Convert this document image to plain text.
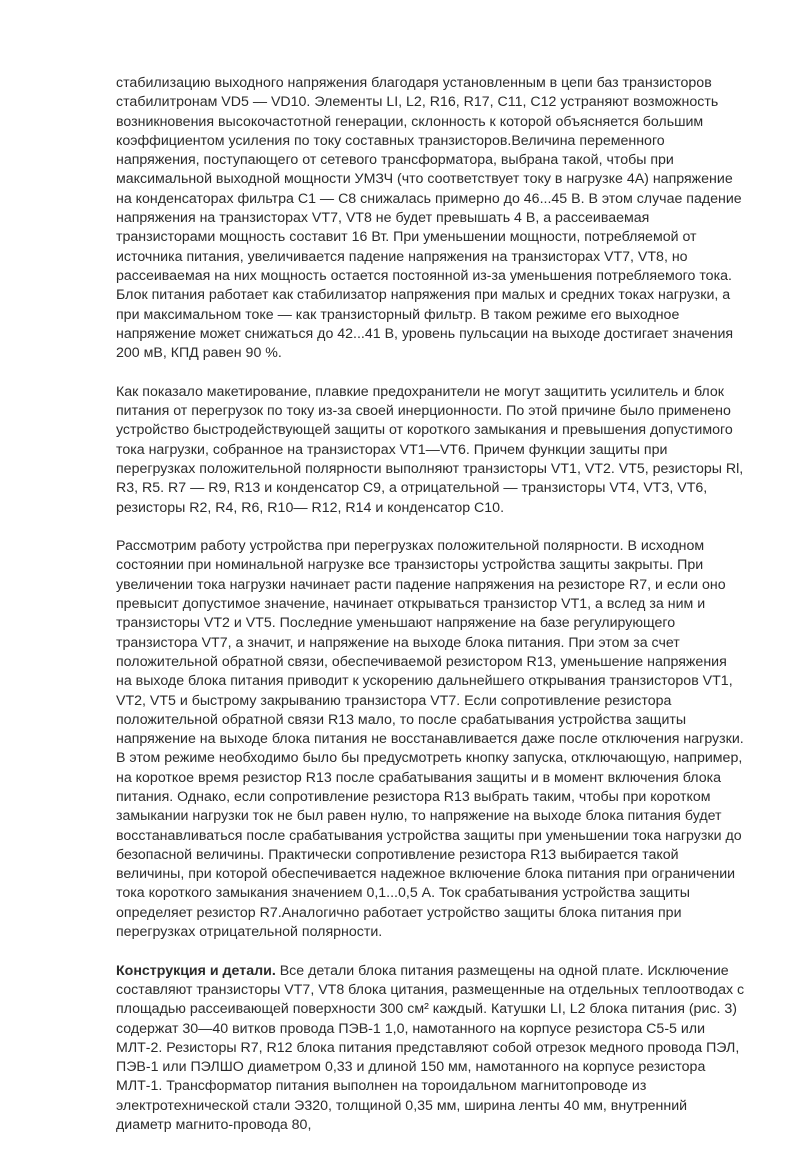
стабилизацию выходного напряжения благодаря установленным в цепи баз транзисторов стабилитронам VD5 — VD10. Элементы LI, L2, R16, R17, С11, С12 устраняют возможность возникновения высокочастотной генерации, склонность к которой объясняется большим коэффициентом усиления по току составных транзисторов.Величина переменного напряжения, поступающего от сетевого трансформатора, выбрана такой, чтобы при максимальной выходной мощности УМЗЧ (что соответствует току в нагрузке 4А) напряжение на конденсаторах фильтра С1 — С8 снижалась примерно до 46...45 В. В этом случае падение напряжения на транзисторах VT7, VT8 не будет превышать 4 В, а рассеиваемая транзисторами мощность составит 16 Вт. При уменьшении мощности, потребляемой от источника питания, увеличивается падение напряжения на транзисторах VT7, VT8, но рассеиваемая на них мощность остается постоянной из-за уменьшения потребляемого тока. Блок питания работает как стабилизатор напряжения при малых и средних токах нагрузки, а при максимальном токе — как транзисторный фильтр. В таком режиме его выходное напряжение может снижаться до 42...41 В, уровень пульсации на выходе достигает значения 200 мВ, КПД равен 90 %.

Как показало макетирование, плавкие предохранители не могут защитить усилитель и блок питания от перегрузок по току из-за своей инерционности. По этой причине было применено устройство быстродействующей защиты от короткого замыкания и превышения допустимого тока нагрузки, собранное на транзисторах VT1—VT6. Причем функции защиты при перегрузках положительной полярности выполняют транзисторы VT1, VT2. VT5, резисторы Rl, R3, R5. R7 — R9, R13 и конденсатор С9, а отрицательной — транзисторы VT4, VT3, VT6, резисторы R2, R4, R6, R10— R12, R14 и конденсатор С10.

Рассмотрим работу устройства при перегрузках положительной полярности. В исходном состоянии при номинальной нагрузке все транзисторы устройства защиты закрыты. При увеличении тока нагрузки начинает расти падение напряжения на резисторе R7, и если оно превысит допустимое значение, начинает открываться транзистор VT1, а вслед за ним и транзисторы VT2 и VT5. Последние уменьшают напряжение на базе регулирующего транзистора VT7, а значит, и напряжение на выходе блока питания. При этом за счет положительной обратной связи, обеспечиваемой резистором R13, уменьшение напряжения на выходе блока питания приводит к ускорению дальнейшего открывания транзисторов VT1, VT2, VT5 и быстрому закрыванию транзистора VT7. Если сопротивление резистора положительной обратной связи R13 мало, то после срабатывания устройства защиты напряжение на выходе блока питания не восстанавливается даже после отключения нагрузки. В этом режиме необходимо было бы предусмотреть кнопку запуска, отключающую, например, на короткое время резистор R13 после срабатывания защиты и в момент включения блока питания. Однако, если сопротивление резистора R13 выбрать таким, чтобы при коротком замыкании нагрузки ток не был равен нулю, то напряжение на выходе блока питания будет восстанавливаться после срабатывания устройства защиты при уменьшении тока нагрузки до безопасной величины. Практически сопротивление резистора R13 выбирается такой величины, при которой обеспечивается надежное включение блока питания при ограничении тока короткого замыкания значением 0,1...0,5 А. Ток срабатывания устройства защиты определяет резистор R7.Аналогично работает устройство защиты блока питания при перегрузках отрицательной полярности.

Конструкция и детали. Все детали блока питания размещены на одной плате. Исключение составляют транзисторы VT7, VT8 блока цитания, размещенные на отдельных теплоотводах с площадью рассеивающей поверхности 300 см² каждый. Катушки LI, L2 блока питания (рис. 3) содержат 30—40 витков провода ПЭВ-1 1,0, намотанного на корпусе резистора С5-5 или МЛТ-2. Резисторы R7, R12 блока питания представляют собой отрезок медного провода ПЭЛ, ПЭВ-1 или ПЭЛШО диаметром 0,33 и длиной 150 мм, намотанного на корпусе резистора МЛТ-1. Трансформатор питания выполнен на тороидальном магнитопроводе из электротехнической стали Э320, толщиной 0,35 мм, ширина ленты 40 мм, внутренний диаметр магнито-провода 80,
